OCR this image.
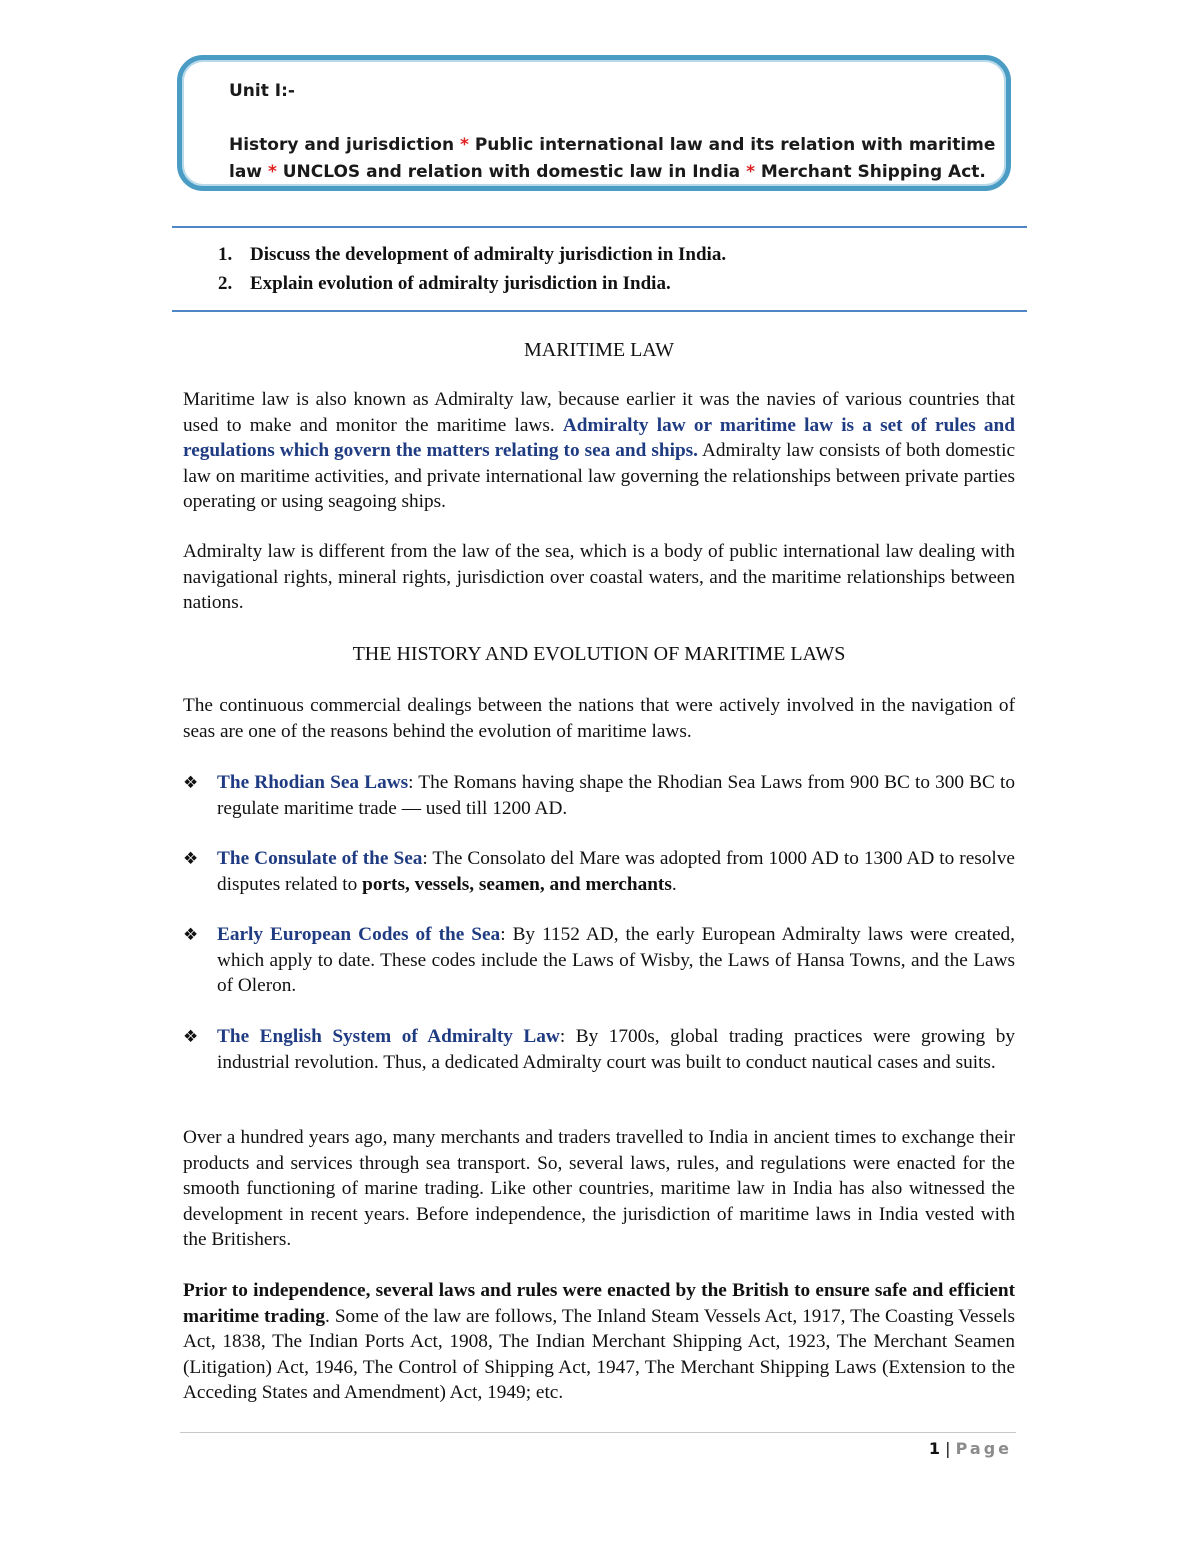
Unit I:-
History and jurisdiction * Public international law and its relation with maritime law * UNCLOS and relation with domestic law in India * Merchant Shipping Act.
1. Discuss the development of admiralty jurisdiction in India.
2. Explain evolution of admiralty jurisdiction in India.
MARITIME LAW
Maritime law is also known as Admiralty law, because earlier it was the navies of various countries that used to make and monitor the maritime laws. Admiralty law or maritime law is a set of rules and regulations which govern the matters relating to sea and ships. Admiralty law consists of both domestic law on maritime activities, and private international law governing the relationships between private parties operating or using seagoing ships.
Admiralty law is different from the law of the sea, which is a body of public international law dealing with navigational rights, mineral rights, jurisdiction over coastal waters, and the maritime relationships between nations.
THE HISTORY AND EVOLUTION OF MARITIME LAWS
The continuous commercial dealings between the nations that were actively involved in the navigation of seas are one of the reasons behind the evolution of maritime laws.
❖ The Rhodian Sea Laws: The Romans having shape the Rhodian Sea Laws from 900 BC to 300 BC to regulate maritime trade — used till 1200 AD.
❖ The Consulate of the Sea: The Consolato del Mare was adopted from 1000 AD to 1300 AD to resolve disputes related to ports, vessels, seamen, and merchants.
❖ Early European Codes of the Sea: By 1152 AD, the early European Admiralty laws were created, which apply to date. These codes include the Laws of Wisby, the Laws of Hansa Towns, and the Laws of Oleron.
❖ The English System of Admiralty Law: By 1700s, global trading practices were growing by industrial revolution. Thus, a dedicated Admiralty court was built to conduct nautical cases and suits.
Over a hundred years ago, many merchants and traders travelled to India in ancient times to exchange their products and services through sea transport. So, several laws, rules, and regulations were enacted for the smooth functioning of marine trading. Like other countries, maritime law in India has also witnessed the development in recent years. Before independence, the jurisdiction of maritime laws in India vested with the Britishers.
Prior to independence, several laws and rules were enacted by the British to ensure safe and efficient maritime trading. Some of the law are follows, The Inland Steam Vessels Act, 1917, The Coasting Vessels Act, 1838, The Indian Ports Act, 1908, The Indian Merchant Shipping Act, 1923, The Merchant Seamen (Litigation) Act, 1946, The Control of Shipping Act, 1947, The Merchant Shipping Laws (Extension to the Acceding States and Amendment) Act, 1949; etc.
1 | Page
